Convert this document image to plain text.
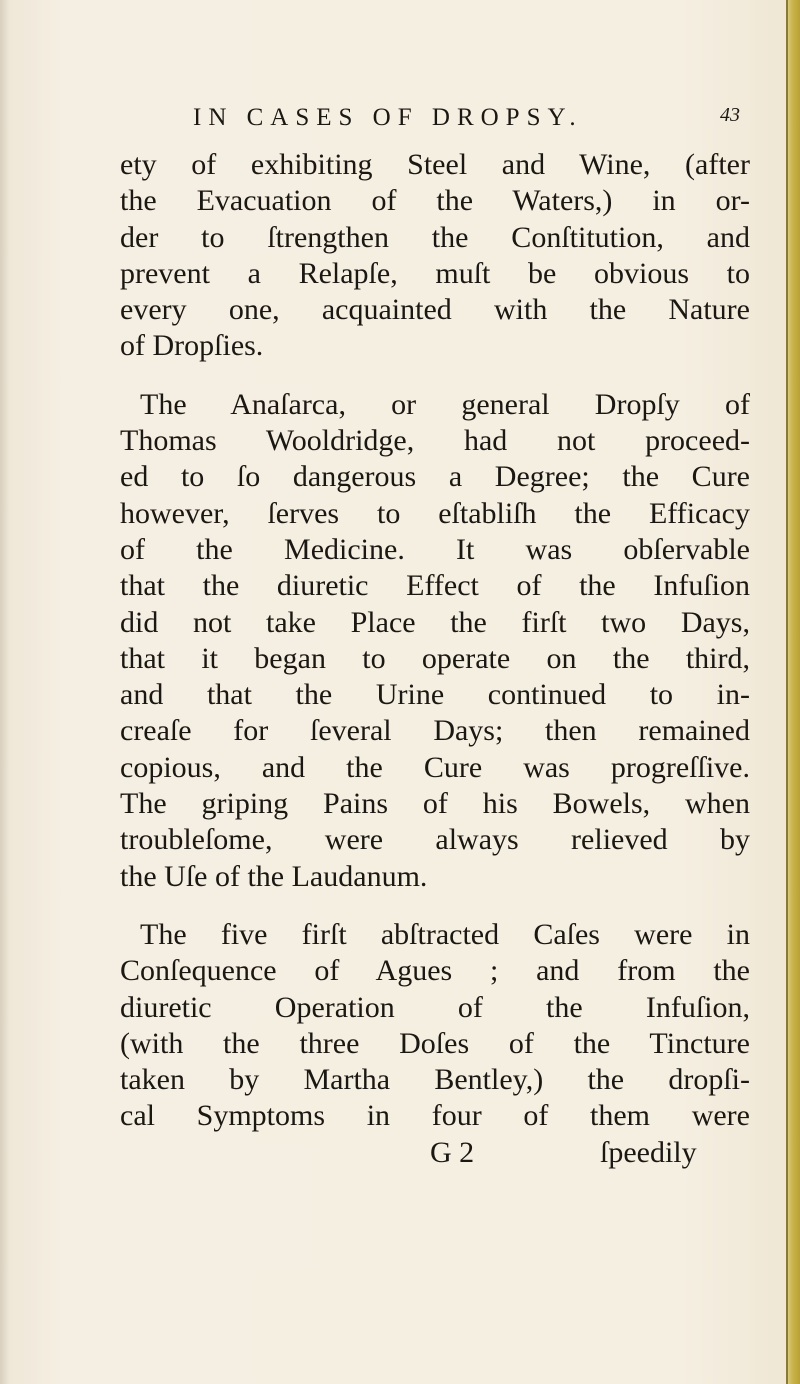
IN CASES OF DROPSY.	43

ety of exhibiting Steel and Wine, (after
the Evacuation of the Waters,) in or-
der to ſtrengthen the Conſtitution, and
prevent a Relapſe, muſt be obvious to
every one, acquainted with the Nature
of Dropſies.

The Anaſarca, or general Dropſy of
Thomas Wooldridge, had not proceed-
ed to ſo dangerous a Degree; the Cure
however, ſerves to eſtabliſh the Efficacy
of the Medicine. It was obſervable
that the diuretic Effect of the Infuſion
did not take Place the firſt two Days,
that it began to operate on the third,
and that the Urine continued to in-
creaſe for ſeveral Days; then remained
copious, and the Cure was progreſſive.
The griping Pains of his Bowels, when
troubleſome, were always relieved by
the Uſe of the Laudanum.

The five firſt abſtracted Caſes were in
Conſequence of Agues ; and from the
diuretic Operation of the Infuſion,
(with the three Doſes of the Tincture
taken by Martha Bentley,) the dropſi-
cal Symptoms in four of them were

G 2	ſpeedily
